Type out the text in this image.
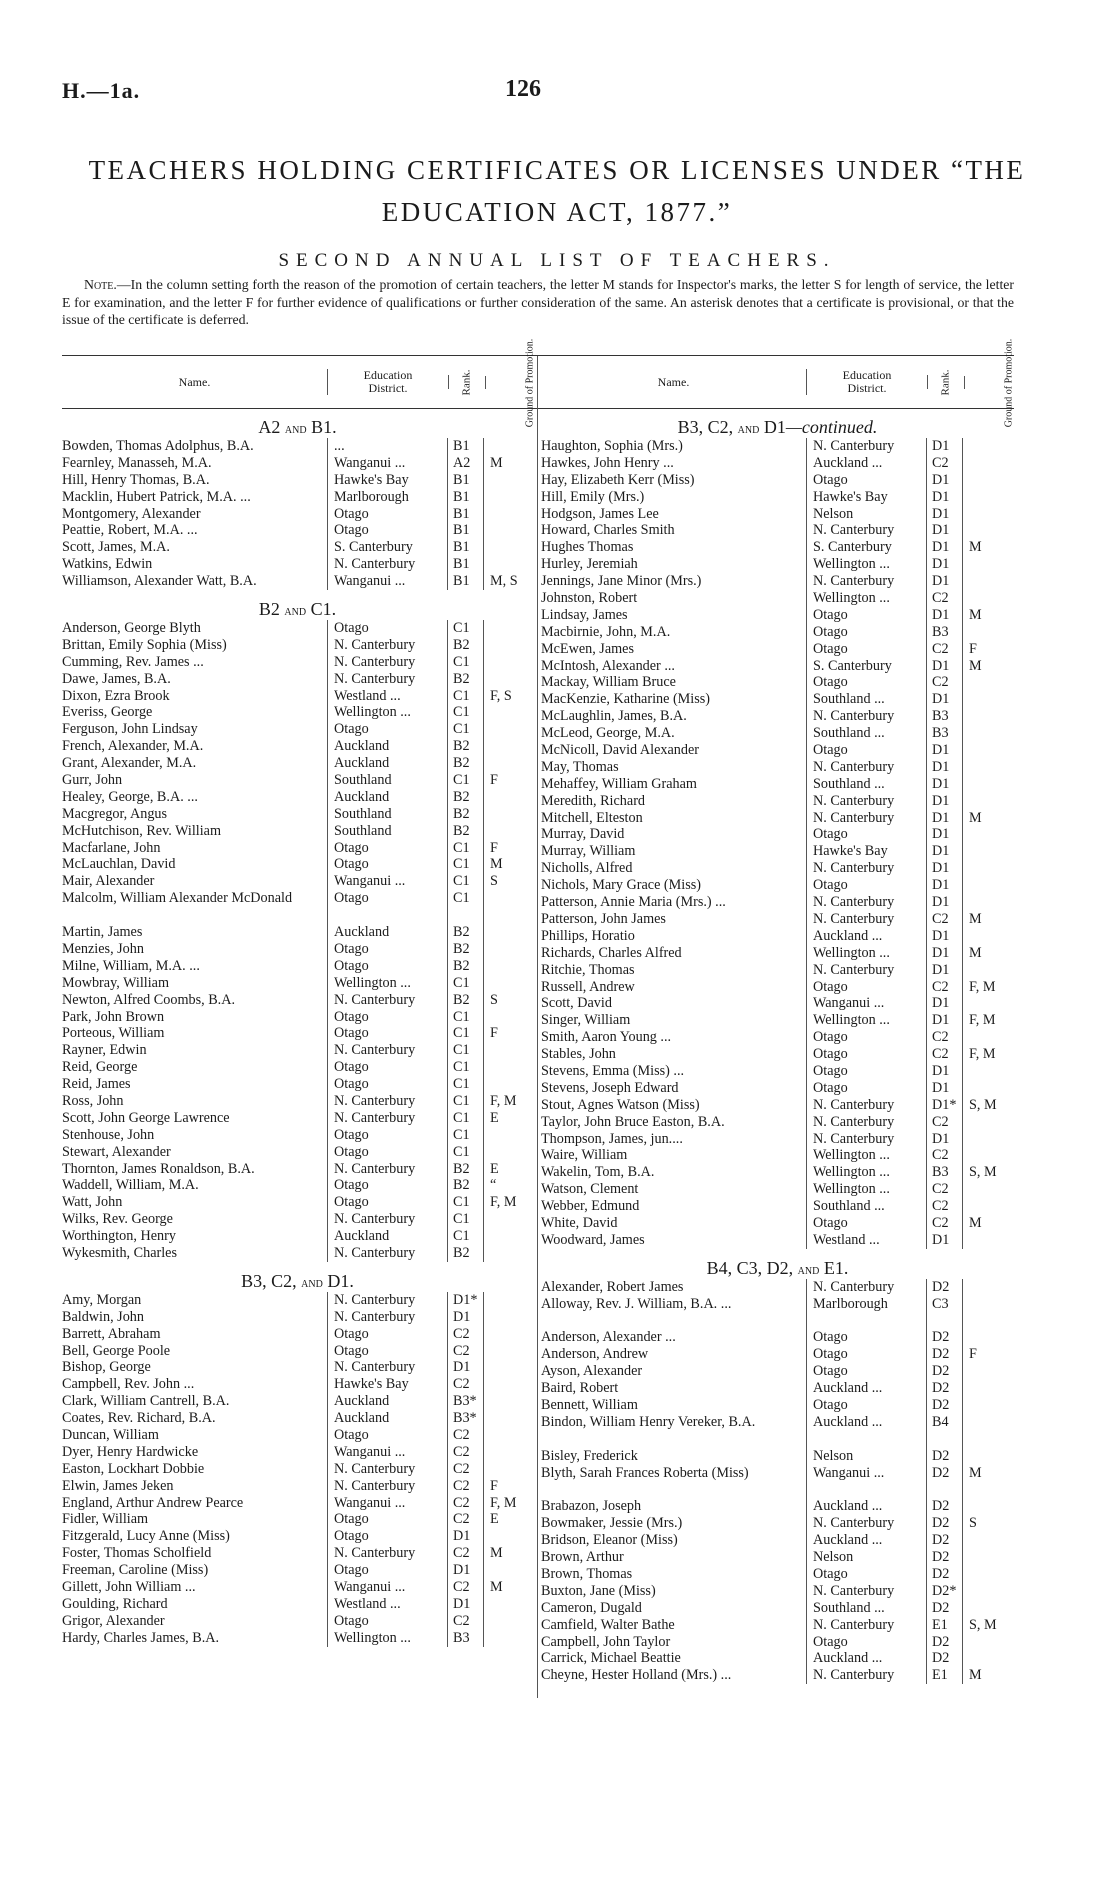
H.—1a.	126
TEACHERS HOLDING CERTIFICATES OR LICENSES UNDER “THE
EDUCATION ACT, 1877.”
SECOND ANNUAL LIST OF TEACHERS.
Note.—In the column setting forth the reason of the promotion of certain teachers, the letter M stands for Inspector's marks, the letter S for length of service, the letter E for examination, and the letter F for further evidence of qualifications or further consideration of the same. An asterisk denotes that a certificate is provisional, or that the issue of the certificate is deferred.
Name.	Education
District.	Rank.	Ground of Promotion.
A2 and B1.
Bowden, Thomas Adolphus, B.A.	...	B1
Fearnley, Manasseh, M.A.	Wanganui ...	A2	M
Hill, Henry Thomas, B.A.	Hawke's Bay	B1
Macklin, Hubert Patrick, M.A. ...	Marlborough	B1
Montgomery, Alexander	Otago	B1
Peattie, Robert, M.A. ...	Otago	B1
Scott, James, M.A.	S. Canterbury	B1
Watkins, Edwin	N. Canterbury	B1
Williamson, Alexander Watt, B.A.	Wanganui ...	B1	M, S
B2 and C1.
Anderson, George Blyth	Otago	C1
Brittan, Emily Sophia (Miss)	N. Canterbury	B2
Cumming, Rev. James ...	N. Canterbury	C1
Dawe, James, B.A.	N. Canterbury	B2
Dixon, Ezra Brook	Westland ...	C1	F, S
Everiss, George	Wellington ...	C1
Ferguson, John Lindsay	Otago	C1
French, Alexander, M.A.	Auckland	B2
Grant, Alexander, M.A.	Auckland	B2
Gurr, John	Southland	C1	F
Healey, George, B.A. ...	Auckland	B2
Macgregor, Angus	Southland	B2
McHutchison, Rev. William	Southland	B2
Macfarlane, John	Otago	C1	F
McLauchlan, David	Otago	C1	M
Mair, Alexander	Wanganui ...	C1	S
Malcolm, William Alexander McDonald	Otago	C1
Martin, James	Auckland	B2
Menzies, John	Otago	B2
Milne, William, M.A. ...	Otago	B2
Mowbray, William	Wellington ...	C1
Newton, Alfred Coombs, B.A.	N. Canterbury	B2	S
Park, John Brown	Otago	C1
Porteous, William	Otago	C1	F
Rayner, Edwin	N. Canterbury	C1
Reid, George	Otago	C1
Reid, James	Otago	C1
Ross, John	N. Canterbury	C1	F, M
Scott, John George Lawrence	N. Canterbury	C1	E
Stenhouse, John	Otago	C1
Stewart, Alexander	Otago	C1
Thornton, James Ronaldson, B.A.	N. Canterbury	B2	E
Waddell, William, M.A.	Otago	B2	“
Watt, John	Otago	C1	F, M
Wilks, Rev. George	N. Canterbury	C1
Worthington, Henry	Auckland	C1
Wykesmith, Charles	N. Canterbury	B2
B3, C2, and D1.
Amy, Morgan	N. Canterbury	D1*
Baldwin, John	N. Canterbury	D1
Barrett, Abraham	Otago	C2
Bell, George Poole	Otago	C2
Bishop, George	N. Canterbury	D1
Campbell, Rev. John ...	Hawke's Bay	C2
Clark, William Cantrell, B.A.	Auckland	B3*
Coates, Rev. Richard, B.A.	Auckland	B3*
Duncan, William	Otago	C2
Dyer, Henry Hardwicke	Wanganui ...	C2
Easton, Lockhart Dobbie	N. Canterbury	C2
Elwin, James Jeken	N. Canterbury	C2	F
England, Arthur Andrew Pearce	Wanganui ...	C2	F, M
Fidler, William	Otago	C2	E
Fitzgerald, Lucy Anne (Miss)	Otago	D1
Foster, Thomas Scholfield	N. Canterbury	C2	M
Freeman, Caroline (Miss)	Otago	D1
Gillett, John William ...	Wanganui ...	C2	M
Goulding, Richard	Westland ...	D1
Grigor, Alexander	Otago	C2
Hardy, Charles James, B.A.	Wellington ...	B3
Name.	Education
District.	Rank.	Ground of Promotion.
B3, C2, and D1—continued.
Haughton, Sophia (Mrs.)	N. Canterbury	D1
Hawkes, John Henry ...	Auckland ...	C2
Hay, Elizabeth Kerr (Miss)	Otago	D1
Hill, Emily (Mrs.)	Hawke's Bay	D1
Hodgson, James Lee	Nelson	D1
Howard, Charles Smith	N. Canterbury	D1
Hughes Thomas	S. Canterbury	D1	M
Hurley, Jeremiah	Wellington ...	D1
Jennings, Jane Minor (Mrs.)	N. Canterbury	D1
Johnston, Robert	Wellington ...	C2
Lindsay, James	Otago	D1	M
Macbirnie, John, M.A.	Otago	B3
McEwen, James	Otago	C2	F
McIntosh, Alexander ...	S. Canterbury	D1	M
Mackay, William Bruce	Otago	C2
MacKenzie, Katharine (Miss)	Southland ...	D1
McLaughlin, James, B.A.	N. Canterbury	B3
McLeod, George, M.A.	Southland ...	B3
McNicoll, David Alexander	Otago	D1
May, Thomas	N. Canterbury	D1
Mehaffey, William Graham	Southland ...	D1
Meredith, Richard	N. Canterbury	D1
Mitchell, Elteston	N. Canterbury	D1	M
Murray, David	Otago	D1
Murray, William	Hawke's Bay	D1
Nicholls, Alfred	N. Canterbury	D1
Nichols, Mary Grace (Miss)	Otago	D1
Patterson, Annie Maria (Mrs.) ...	N. Canterbury	D1
Patterson, John James	N. Canterbury	C2	M
Phillips, Horatio	Auckland ...	D1
Richards, Charles Alfred	Wellington ...	D1	M
Ritchie, Thomas	N. Canterbury	D1
Russell, Andrew	Otago	C2	F, M
Scott, David	Wanganui ...	D1
Singer, William	Wellington ...	D1	F, M
Smith, Aaron Young ...	Otago	C2
Stables, John	Otago	C2	F, M
Stevens, Emma (Miss) ...	Otago	D1
Stevens, Joseph Edward	Otago	D1
Stout, Agnes Watson (Miss)	N. Canterbury	D1* S, M
Taylor, John Bruce Easton, B.A.	N. Canterbury	C2
Thompson, James, jun....	N. Canterbury	D1
Waire, William	Wellington ...	C2
Wakelin, Tom, B.A.	Wellington ...	B3	S, M
Watson, Clement	Wellington ...	C2
Webber, Edmund	Southland ...	C2
White, David	Otago	C2	M
Woodward, James	Westland ...	D1
B4, C3, D2, and E1.
Alexander, Robert James	N. Canterbury	D2
Alloway, Rev. J. William, B.A. ...	Marlborough	C3
Anderson, Alexander ...	Otago	D2
Anderson, Andrew	Otago	D2	F
Ayson, Alexander	Otago	D2
Baird, Robert	Auckland ...	D2
Bennett, William	Otago	D2
Bindon, William Henry Vereker, B.A.	Auckland ...	B4
Bisley, Frederick	Nelson	D2
Blyth, Sarah Frances Roberta (Miss)	Wanganui ...	D2	M
Brabazon, Joseph	Auckland ...	D2
Bowmaker, Jessie (Mrs.)	N. Canterbury	D2	S
Bridson, Eleanor (Miss)	Auckland ...	D2
Brown, Arthur	Nelson	D2
Brown, Thomas	Otago	D2
Buxton, Jane (Miss)	N. Canterbury	D2*
Cameron, Dugald	Southland ...	D2
Camfield, Walter Bathe	N. Canterbury	E1	S, M
Campbell, John Taylor	Otago	D2
Carrick, Michael Beattie	Auckland ...	D2
Cheyne, Hester Holland (Mrs.) ...	N. Canterbury	E1	M
